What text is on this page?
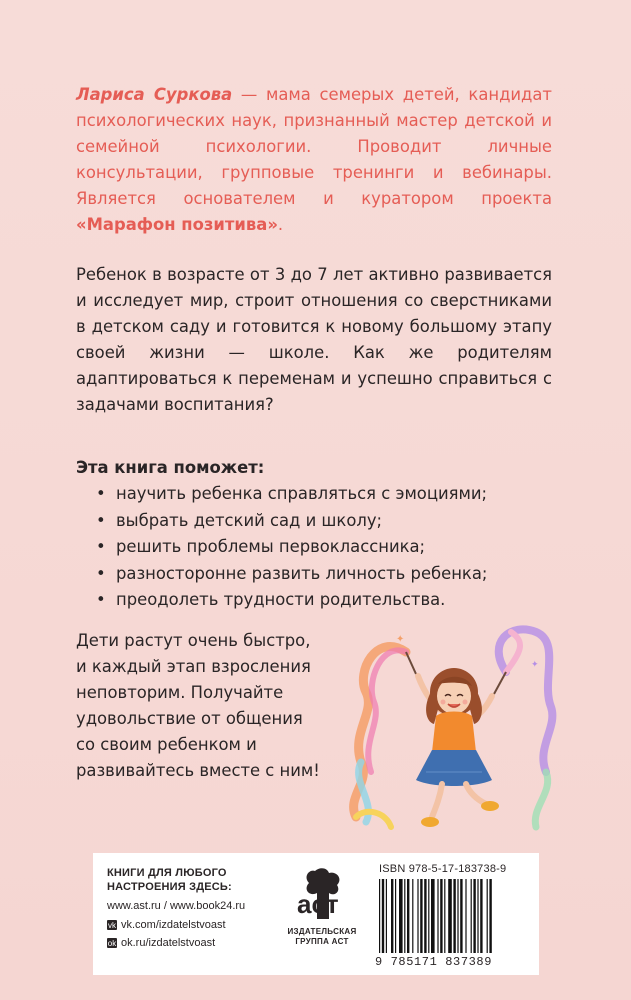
Лариса Суркова — мама семерых детей, кандидат психологических наук, признанный мастер детской и семейной психологии. Проводит личные консультации, групповые тренинги и вебинары. Является основателем и куратором проекта «Марафон позитива».

Ребенок в возрасте от 3 до 7 лет активно развивается и исследует мир, строит отношения со сверстниками в детском саду и готовится к новому большому этапу своей жизни — школе. Как же родителям адаптироваться к переменам и успешно справиться с задачами воспитания?

Эта книга поможет:
• научить ребенка справляться с эмоциями;
• выбрать детский сад и школу;
• решить проблемы первоклассника;
• разносторонне развить личность ребенка;
• преодолеть трудности родительства.

Дети растут очень быстро, и каждый этап взросления неповторим. Получайте удовольствие от общения со своим ребенком и развивайтесь вместе с ним!

✦
✦
КНИГИ ДЛЯ ЛЮБОГО НАСТРОЕНИЯ ЗДЕСЬ:
www.ast.ru / www.book24.ru
vk vk.com/izdatelstvoast
ok ok.ru/izdatelstvoast
аст
ИЗДАТЕЛЬСКАЯ ГРУППА АСТ
ISBN 978-5-17-183738-9
9 785171 837389
